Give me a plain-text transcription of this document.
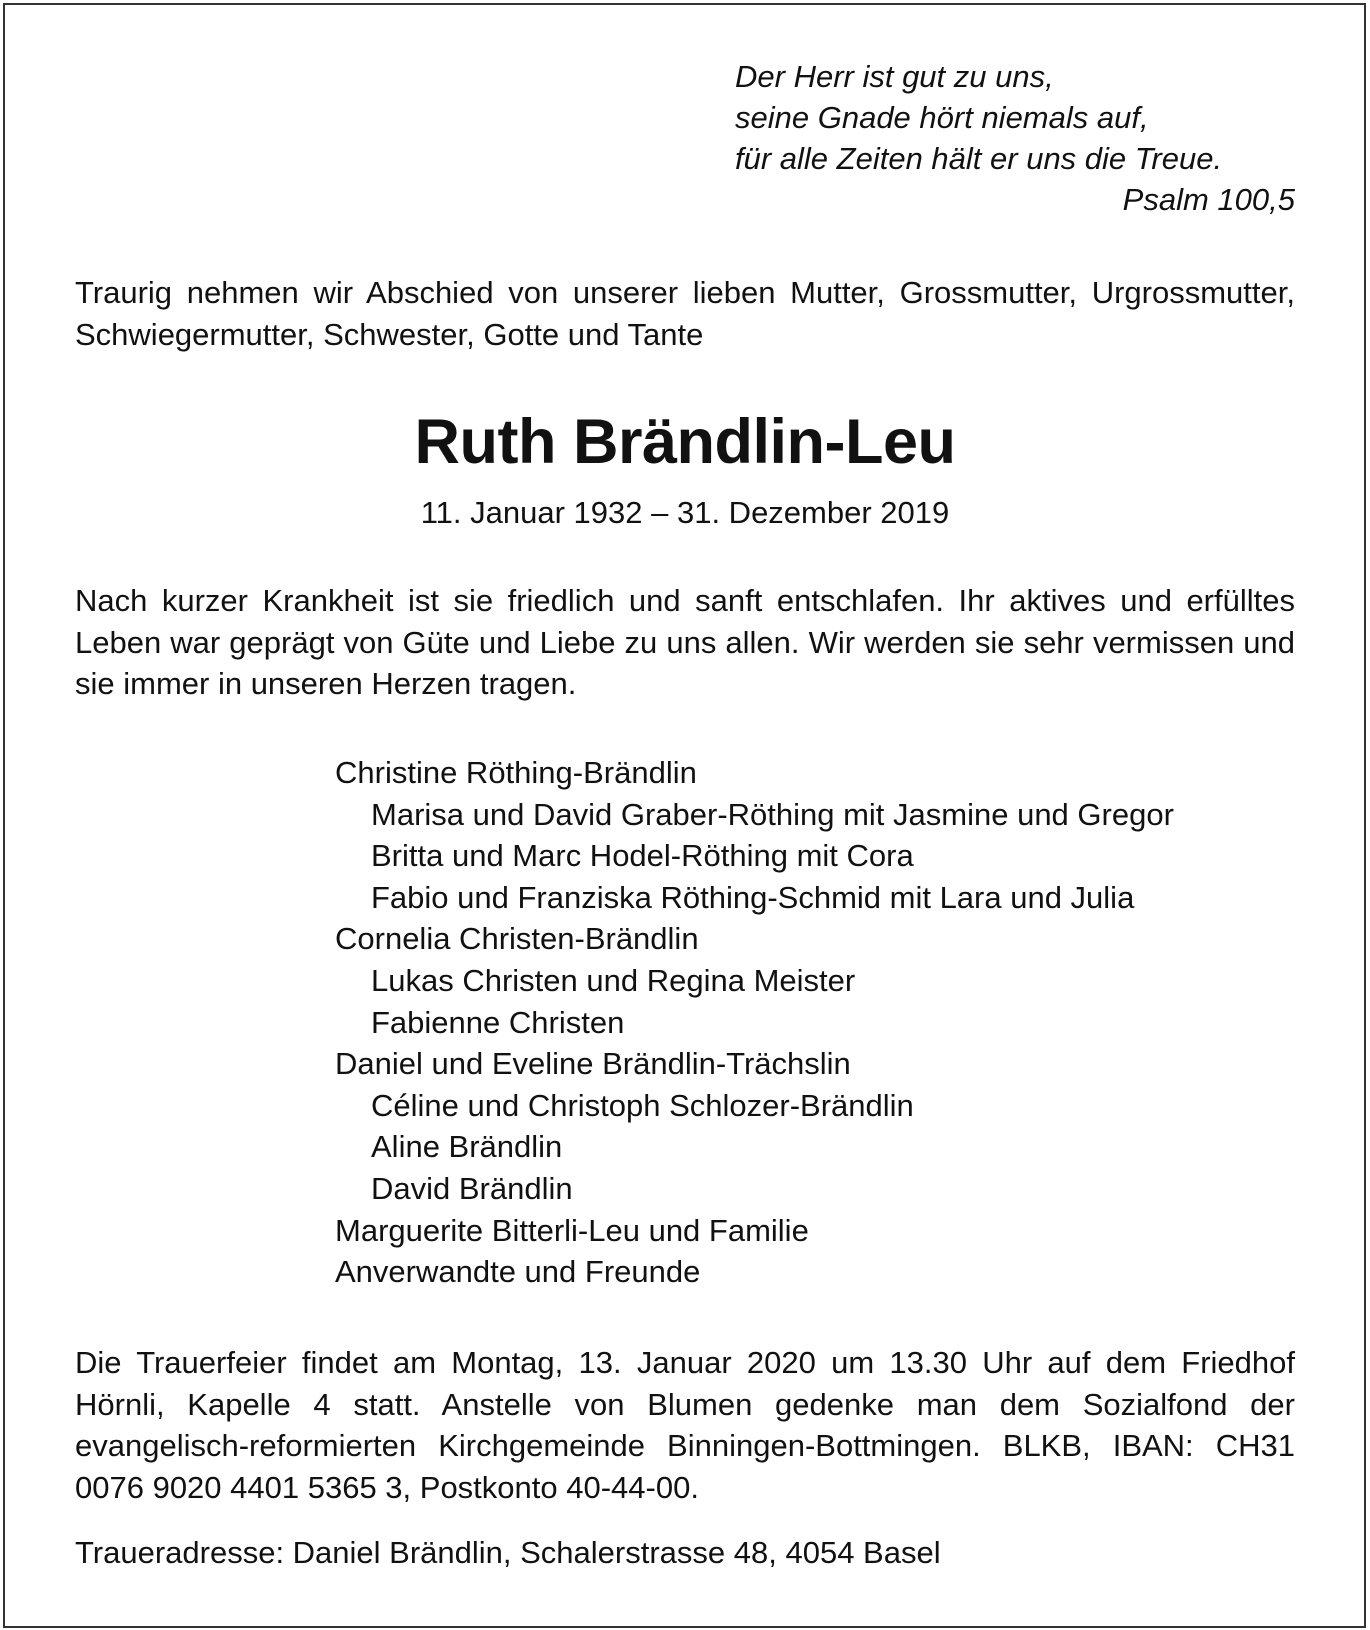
Der Herr ist gut zu uns,
seine Gnade hört niemals auf,
für alle Zeiten hält er uns die Treue.
Psalm 100,5
Traurig nehmen wir Abschied von unserer lieben Mutter, Grossmutter, Urgrossmutter, Schwiegermutter, Schwester, Gotte und Tante
Ruth Brändlin-Leu
11. Januar 1932 – 31. Dezember 2019
Nach kurzer Krankheit ist sie friedlich und sanft entschlafen. Ihr aktives und erfülltes Leben war geprägt von Güte und Liebe zu uns allen. Wir werden sie sehr vermissen und sie immer in unseren Herzen tragen.
Christine Röthing-Brändlin
Marisa und David Graber-Röthing mit Jasmine und Gregor
Britta und Marc Hodel-Röthing mit Cora
Fabio und Franziska Röthing-Schmid mit Lara und Julia
Cornelia Christen-Brändlin
Lukas Christen und Regina Meister
Fabienne Christen
Daniel und Eveline Brändlin-Trächslin
Céline und Christoph Schlozer-Brändlin
Aline Brändlin
David Brändlin
Marguerite Bitterli-Leu und Familie
Anverwandte und Freunde
Die Trauerfeier findet am Montag, 13. Januar 2020 um 13.30 Uhr auf dem Friedhof Hörnli, Kapelle 4 statt. Anstelle von Blumen gedenke man dem Sozialfond der evangelisch-reformierten Kirchgemeinde Binningen-Bottmingen. BLKB, IBAN: CH31 0076 9020 4401 5365 3, Postkonto 40-44-00.
Traueradresse: Daniel Brändlin, Schalerstrasse 48, 4054 Basel
